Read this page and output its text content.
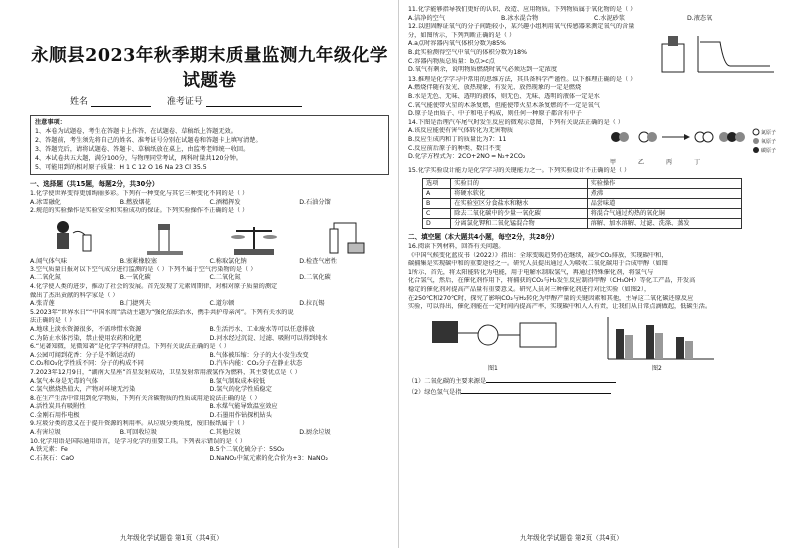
永顺县2023年秋季期末质量监测九年级化学试题卷
姓名	准考证号
注意事项：
1、本卷为试题卷，考生在答题卡上作答，在试题卷、草稿纸上答题无效。
2、答题前，考生须先将自己的姓名、准考证号分别在试题卷和答题卡上填写清楚。
3、答题完后，请将试题卷、答题卡、草稿纸放在桌上，由监考老师统一收回。
4、本试卷共五大题，满分100分，与物理同堂考试，两科时量共120分钟。
5、可能用到的相对原子质量：H 1 C 12 O 16 Na 23 Cl 35.5
一、选择题（共15题，每题2分，共30分）

1.化学使世界变得更加绚丽多彩。下列有一种变化与其它三种变化不同的是（ ）

A.冰雪融化	B.燃放烟花	C.酒精挥发	D.石油分馏

2.规范的实验操作是实验安全和实验成功的保证。下列实验操作不正确的是（ ）

A.闻气体气味	B.塞紧橡胶塞	C.称取氯化钠	D.检查气密性

3.空气质量日报对以下空气成分进行监测的是（ ）下列不属于空气污染物的是（ ）

A.二氧化氮	B.一氧化碳	C.二氧化氮	D.二氧化碳

4.化学使人类的进步，推动了社会的发展。首先发现了元素周期律，对相对原子质量的测定

做出了杰出贡献的科学家是（ ）

A.张青莲	B.门捷列夫	C.道尔顿	D.拉瓦锡

5.2023年“世界水日”“中国水周”活动主题为“强化依法治水，携手共护母亲河”。下列有关水的说

法正确的是（ ）

A.地球上淡水资源很多，不需珍惜水资源	B.生活污水、工业废水等可以任意排放
C.为防止水体污染，禁止使用农药和化肥	D.河水经过沉淀、过滤、吸附可以得到纯水

6.“见著知微，见微知著”是化学学科的特点。下列有关说法正确的是（ ）

A.公园可闻到花香：分子是不断运动的	B.气体被压缩：分子的大小发生改变
C.O₂和O₃化学性质不同：分子的构成不同	D.汽车内能：CO₂分子在静止状态

7.2023年12月9日，“湖南大星座”首星发射成功，卫星发射常用液氢作为燃料，其主要优点是（ ）

A.氢气本身是无毒的气体	B.氢气制取成本较低
C.氢气燃烧热值大，产物对环境无污染	D.氢气的化学性质稳定

8.在生产生活中常用到化学物质，下列有关含碳物质的性质或用途说法正确的是（ ）

A.活性炭具有吸附性	B.水煤气能导致温室效应
C.金刚石用作电极	D.石墨用作钻探机钻头

9.垃圾分类的意义在于提升资源的利用率。从垃圾分类角度，废旧报纸属于（ ）

A.有害垃圾	B.可回收垃圾	C.其他垃圾	D.厨余垃圾

10.化学用语是国际通用语言，是学习化学的重要工具。下列表示错误的是（ ）

A.铁元素：Fe	B.5个二氧化硫分子：5SO₂
C.石灰石：CaO	D.NaNO₂中氮元素的化合价为+3：NaNO₂
九年级化学试题卷 第1页（共4页）

11.化学能够指导我们更好的认识、改造、应用物质。下列物质属于氧化物的是（ ）

A.洁净的空气	B.冰水混合物	C.水泥砂浆	D.液态氧

12.以胆固醇证氧气的分子间距较小，某兴趣小组利用氧气传感器来测定氧气的含量

分，如图所示，下列判断正确的是（ ）

A.a点时容器内氧气体积分数为85%

B.此实验测得空气中氧气的体积分数为18%

C.容器内物质总质量：b点>c点

D.氧气有剩余，说明物质燃烧时氧气必须达到一定浓度

13.推理是化学学习中常用的思维方法，其具备科学严谨性。以下推理正确的是（ ）

A.燃烧伴随有发光、放热现象，有发光、放热现象的一定是燃烧

B.水是无色、无味、透明的液体，则无色、无味、透明的液体一定是水

C.氧气能使带火星的木条复燃，但能使带火星木条复燃的不一定是氧气

D.原子是由质子、中子和电子构成，则任何一种原子都含有中子

14.下图是治理汽车尾气时发生反应的微观示意图，下列有关说法正确的是（ ）

A.该反应能使有害气体转化为无害物质

B.反应生成丙和丁的质量比为7：11

C.反应前后原子的种类、数目不变

D.化学方程式为：2CO+2NO ═ N₂+2CO₂

甲	乙	丙	丁
氮原子
氧原子
碳原子

15.化学实验设计能力是化学学习的关键能力之一。下列实验设计不正确的是（ ）

选项	实验目的	实验操作
A	将硬水软化	煮沸
B	在实验室区分食盐水和糖水	品尝味道
C	除去二氧化碳中的少量一氧化碳	将混合气通过灼热的氧化铜
D	分离氯化钾和二氧化锰混合物	溶解、加水溶解、过滤、洗涤、蒸发
二、填空题（本大题共4小题，每空2分，共28分）

16.阅读下列材料，回答有关问题。

《中国气候变化蓝皮书（2022）》指出：全球变暖趋势仍在继续，减少CO₂排放，实现碳中和，

碳捕集是实现碳中和的重要途径之一。研究人员提出通过人为吸收二氧化碳用于合成甲醇（如图

1所示，首先，将太阳能转化为电能，用于电解水制取氢气，再通过特殊催化剂，将氢气与

化合氢气，然后，在催化剂作用下，将捕获的CO₂与H₂发生反应制得甲醇（CH₃OH）等化工产品，开发高

稳定的催化剂对提高产品量有重要意义。研究人员对三种催化剂进行对比实验（如图2），

在250℃和270℃时，探究了影响CO₂与H₂转化为甲醇产量的关键因素和其他，主导这二氧化碳还原反应

实验，可以得出，催化剂能在一定时间内提高产率，实现碳中和人人有责，让我们从日常点滴做起，低碳生活。

图1	图2

（1）二氧化碳的主要来源是

（2）绿色氢气是指

九年级化学试题卷 第2页（共4页）
